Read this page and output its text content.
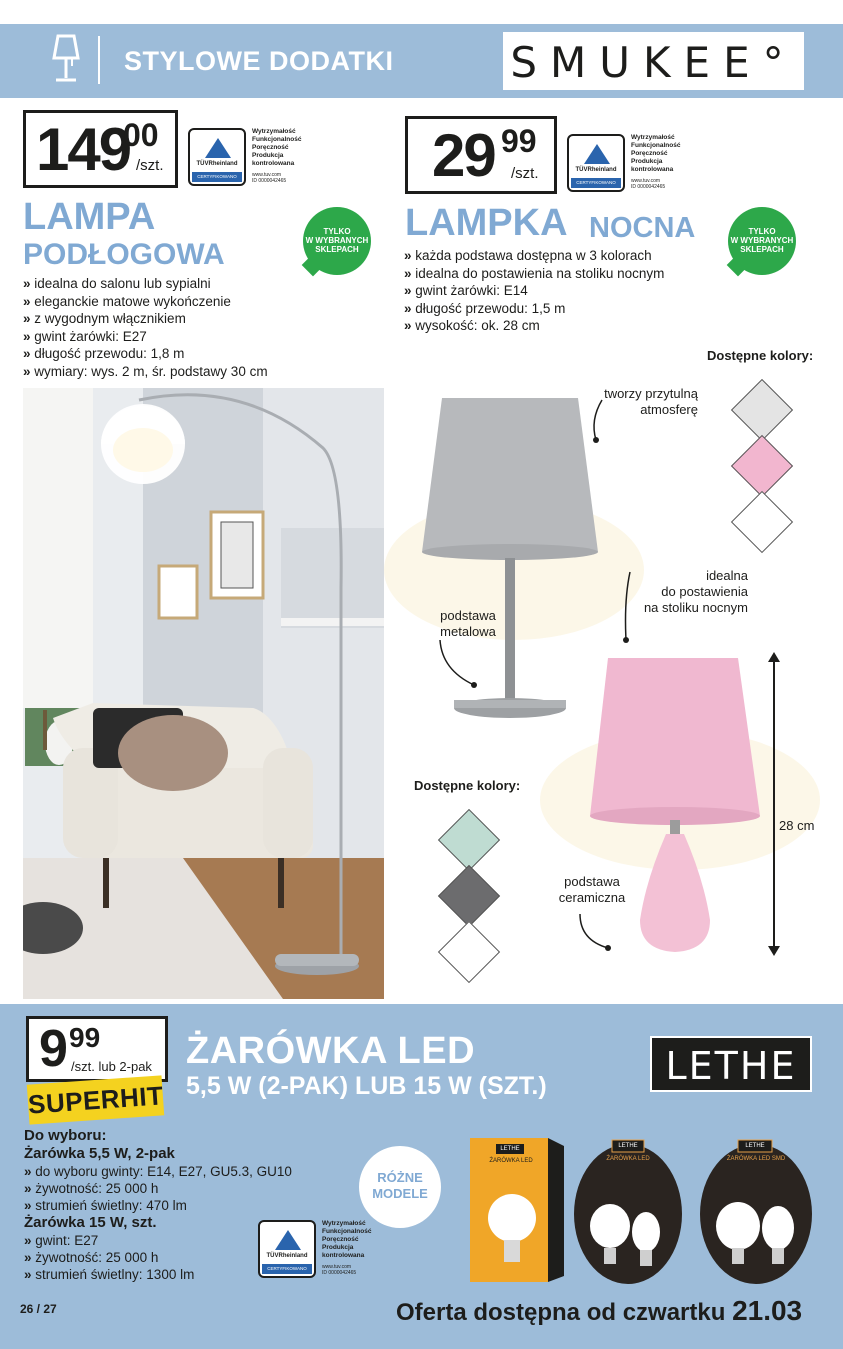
STYLOWE DODATKI	SMUKEE°
149
00
/szt.	TÜVRheinland
CERTYFIKOWANO
Wytrzymałość
Funkcjonalność
Poręczność
Produkcja
kontrolowana
www.tuv.com
ID 0000042465
LAMPA
PODŁOGOWA
TYLKO
W WYBRANYCH
SKLEPACH
» idealna do salonu lub sypialni
» eleganckie matowe wykończenie
» z wygodnym włącznikiem
» gwint żarówki: E27
» długość przewodu: 1,8 m
» wymiary: wys. 2 m, śr. podstawy 30 cm
29 99
/szt.	TÜVRheinland
CERTYFIKOWANO
Wytrzymałość
Funkcjonalność
Poręczność
Produkcja
kontrolowana
www.tuv.com
ID 0000042465
LAMPKA NOCNA	TYLKO
W WYBRANYCH
SKLEPACH
» każda podstawa dostępna w 3 kolorach
» idealna do postawienia na stoliku nocnym
» gwint żarówki: E14
» długość przewodu: 1,5 m
» wysokość: ok. 28 cm
Dostępne kolory:
tworzy przytulną
atmosferę
podstawa
metalowa
idealna
do postawienia
na stoliku nocnym
podstawa
ceramiczna
28 cm
Dostępne kolory:
9 99
/szt. lub 2-pak
SUPERHIT
ŻARÓWKA LED
5,5 W (2-PAK) LUB 15 W (SZT.)	LETHE
Do wyboru:
Żarówka 5,5 W, 2-pak
» do wyboru gwinty: E14, E27, GU5.3, GU10
» żywotność: 25 000 h
» strumień świetlny: 470 lm
Żarówka 15 W, szt.
» gwint: E27
» żywotność: 25 000 h
» strumień świetlny: 1300 lm
RÓŻNE
MODELE
TÜVRheinland
CERTYFIKOWANO
Wytrzymałość
Funkcjonalność
Poręczność
Produkcja
kontrolowana
www.tuv.com
ID 0000042465
LETHE
ŻARÓWKA LED
LETHE
ŻARÓWKA LED
LETHE
ŻARÓWKA LED SMD
26 / 27	Oferta dostępna od czwartku 21.03
